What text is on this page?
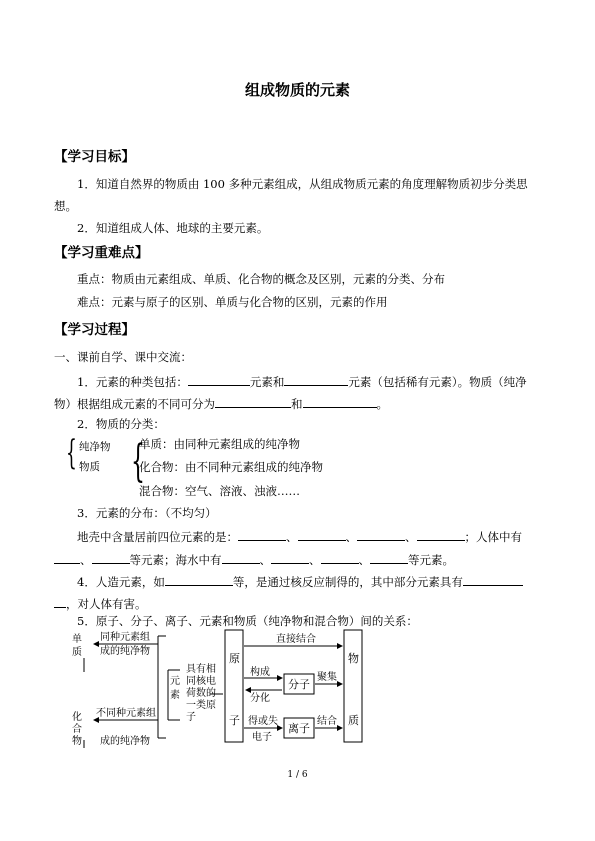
组成物质的元素
【学习目标】
1．知道自然界的物质由 100 多种元素组成，从组成物质元素的角度理解物质初步分类思
想。
2．知道组成人体、地球的主要元素。
【学习重难点】
重点：物质由元素组成、单质、化合物的概念及区别，元素的分类、分布
难点：元素与原子的区别、单质与化合物的区别，元素的作用
【学习过程】
一、课前自学、课中交流：
1．元素的种类包括：	元素和	元素（包括稀有元素）。物质（纯净
物）根据组成元素的不同可分为	和	。
2．物质的分类：
{ 纯净物
物质 {
单质：由同种元素组成的纯净物
化合物：由不同种元素组成的纯净物
混合物：空气、溶液、浊液……
3．元素的分布：（不均匀）
地壳中含量居前四位元素的是：	、	、	、	；人体中有
、	等元素；海水中有	、	、	、	等元素。
4．人造元素，如	等，是通过核反应制得的，其中部分元素具有
，对人体有害。
5．原子、分子、离子、元素和物质（纯净物和混合物）间的关系：
单
质
化
合
物
同种元素组
成的纯净物
不同种元素组
成的纯净物
元
素
具有相
同核电
荷数的
一类原
子
原
子
物
质
直接结合
构成
分化
分子
聚集
得或失
电子
离子
结合
1 / 6
